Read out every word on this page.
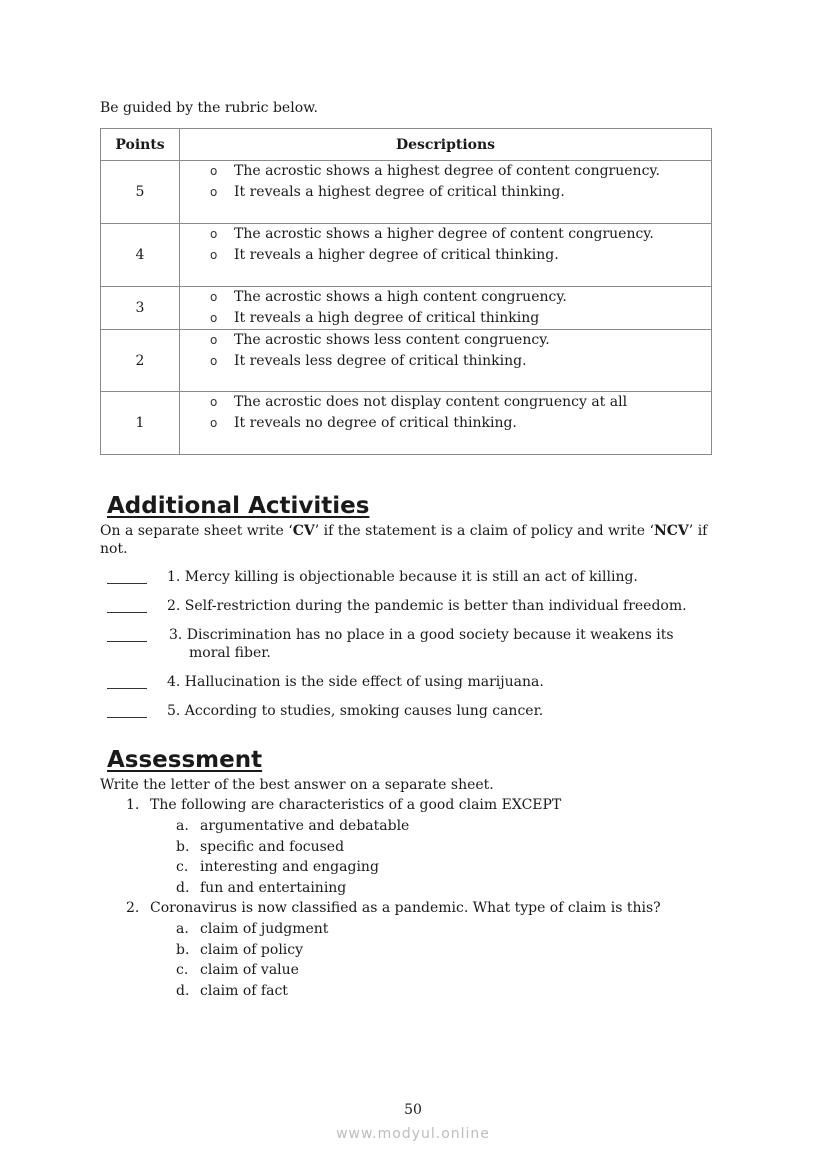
Be guided by the rubric below.
Points	Descriptions
5	o The acrostic shows a highest degree of content congruency.
o It reveals a highest degree of critical thinking.

4	o The acrostic shows a higher degree of content congruency.
o It reveals a higher degree of critical thinking.

3	o The acrostic shows a high content congruency.
o It reveals a high degree of critical thinking

2	o The acrostic shows less content congruency.
o It reveals less degree of critical thinking.

1	o The acrostic does not display content congruency at all
o It reveals no degree of critical thinking.
Additional Activities
On a separate sheet write ‘CV’ if the statement is a claim of policy and write ‘NCV’ if not.
1. Mercy killing is objectionable because it is still an act of killing.
2. Self-restriction during the pandemic is better than individual freedom.
3. Discrimination has no place in a good society because it weakens its
moral fiber.
4. Hallucination is the side effect of using marijuana.
5. According to studies, smoking causes lung cancer.
Assessment
Write the letter of the best answer on a separate sheet.
1. The following are characteristics of a good claim EXCEPT
a. argumentative and debatable
b. specific and focused
c. interesting and engaging
d. fun and entertaining
2. Coronavirus is now classified as a pandemic. What type of claim is this?
a. claim of judgment
b. claim of policy
c. claim of value
d. claim of fact
50
www.modyul.online
